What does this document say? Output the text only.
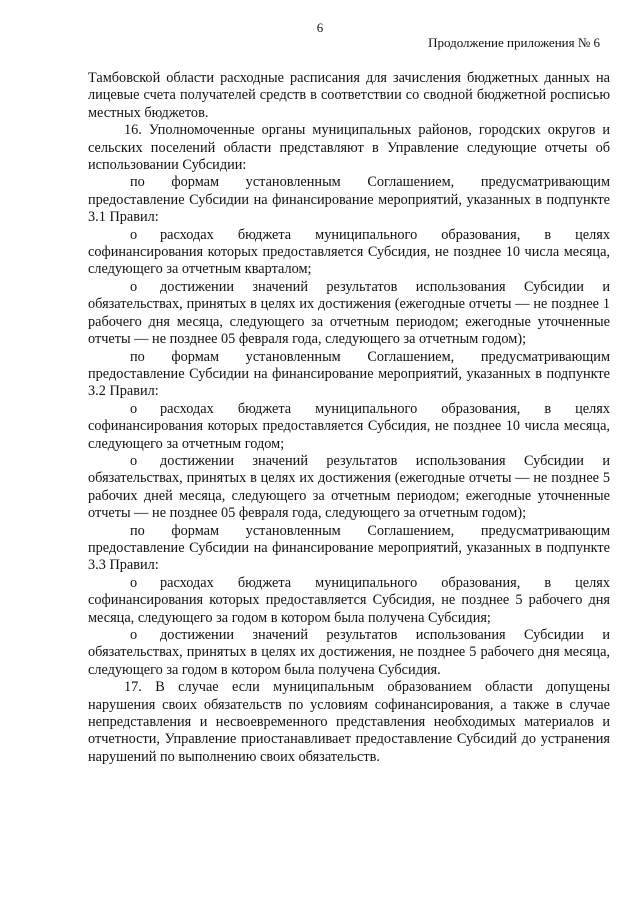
6
Продолжение приложения № 6

Тамбовской области расходные расписания для зачисления бюджетных данных на лицевые счета получателей средств в соответствии со сводной бюджетной росписью местных бюджетов.

16. Уполномоченные органы муниципальных районов, городских округов и сельских поселений области представляют в Управление следующие отчеты об использовании Субсидии:

по формам установленным Соглашением, предусматривающим предоставление Субсидии на финансирование мероприятий, указанных в подпункте 3.1 Правил:

о расходах бюджета муниципального образования, в целях софинансирования которых предоставляется Субсидия, не позднее 10 числа месяца, следующего за отчетным кварталом;

о достижении значений результатов использования Субсидии и обязательствах, принятых в целях их достижения (ежегодные отчеты — не позднее 1 рабочего дня месяца, следующего за отчетным периодом; ежегодные уточненные отчеты — не позднее 05 февраля года, следующего за отчетным годом);

по формам установленным Соглашением, предусматривающим предоставление Субсидии на финансирование мероприятий, указанных в подпункте 3.2 Правил:

о расходах бюджета муниципального образования, в целях софинансирования которых предоставляется Субсидия, не позднее 10 числа месяца, следующего за отчетным годом;

о достижении значений результатов использования Субсидии и обязательствах, принятых в целях их достижения (ежегодные отчеты — не позднее 5 рабочих дней месяца, следующего за отчетным периодом; ежегодные уточненные отчеты — не позднее 05 февраля года, следующего за отчетным годом);

по формам установленным Соглашением, предусматривающим предоставление Субсидии на финансирование мероприятий, указанных в подпункте 3.3 Правил:

о расходах бюджета муниципального образования, в целях софинансирования которых предоставляется Субсидия, не позднее 5 рабочего дня месяца, следующего за годом в котором была получена Субсидия;

о достижении значений результатов использования Субсидии и обязательствах, принятых в целях их достижения, не позднее 5 рабочего дня месяца, следующего за годом в котором была получена Субсидия.

17. В случае если муниципальным образованием области допущены нарушения своих обязательств по условиям софинансирования, а также в случае непредставления и несвоевременного представления необходимых материалов и отчетности, Управление приостанавливает предоставление Субсидий до устранения нарушений по выполнению своих обязательств.
